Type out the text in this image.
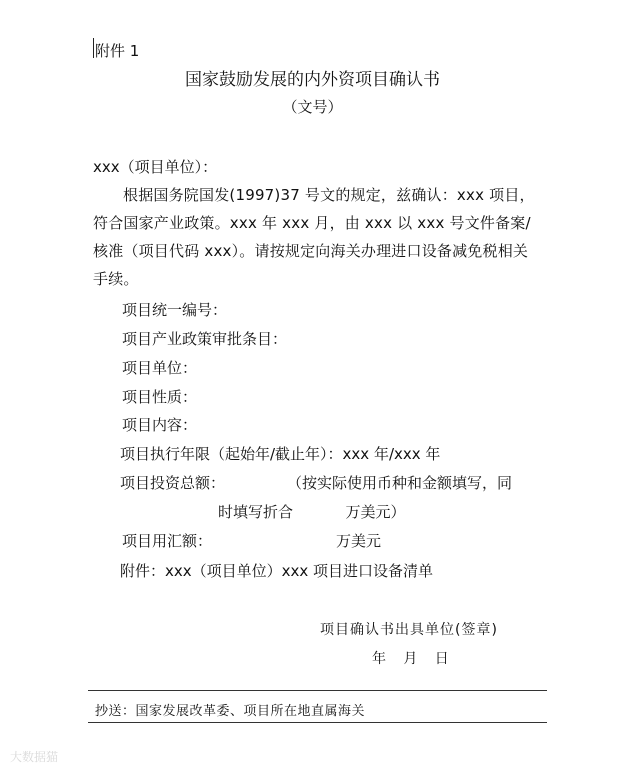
附件 1
国家鼓励发展的内外资项目确认书
（文号）
xxx（项目单位）：
根据国务院国发(1997)37 号文的规定，兹确认：xxx 项目，符合国家产业政策。xxx 年 xxx 月，由 xxx 以 xxx 号文件备案/核准（项目代码 xxx）。请按规定向海关办理进口设备减免税相关手续。
项目统一编号：
项目产业政策审批条目：
项目单位：
项目性质：
项目内容：
项目执行年限（起始年/截止年）：xxx 年/xxx 年
项目投资总额：             （按实际使用币种和金额填写，同
时填写折合           万美元）
项目用汇额：                          万美元
附件：xxx（项目单位）xxx 项目进口设备清单
项目确认书出具单位(签章)
年   月   日
抄送：国家发展改革委、项目所在地直属海关
大数据猫
